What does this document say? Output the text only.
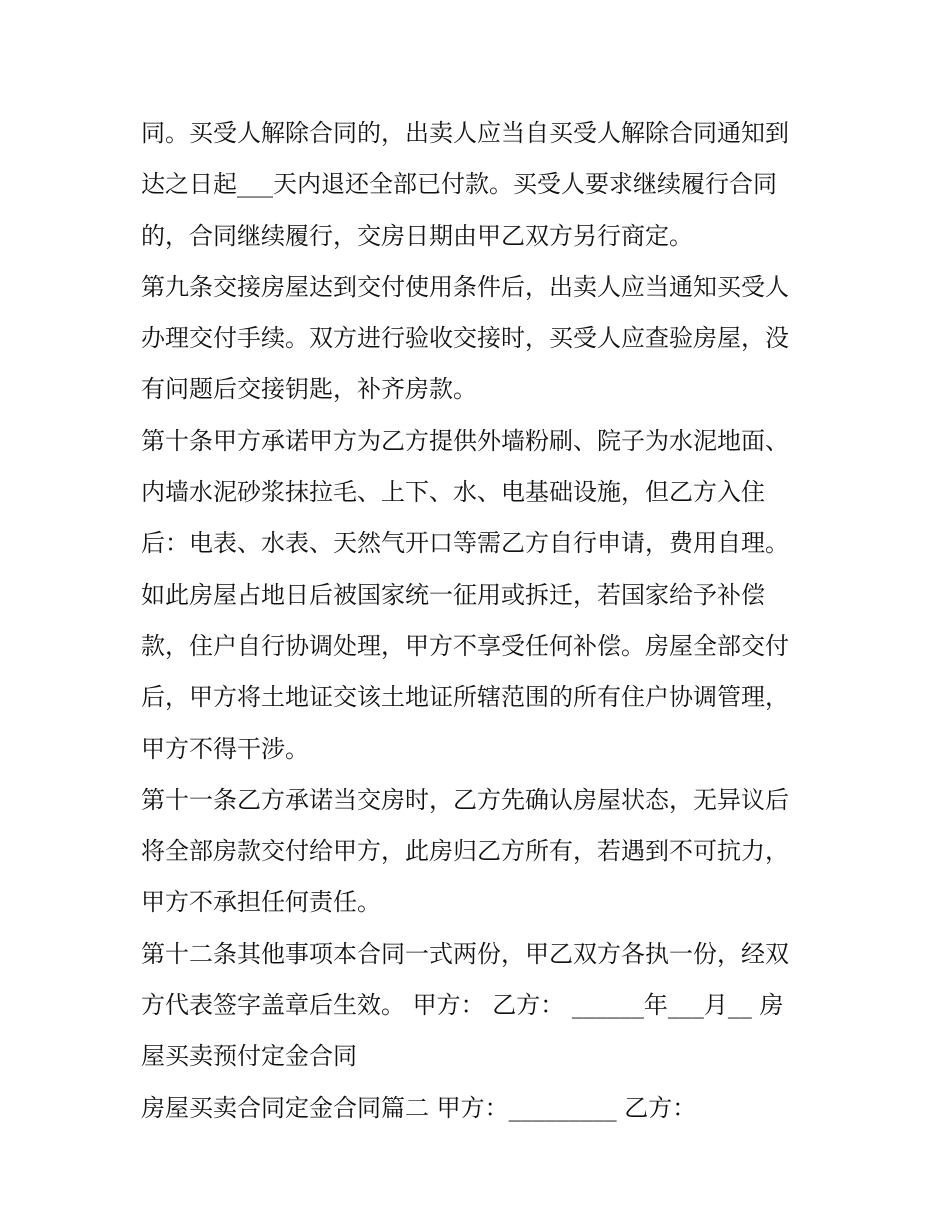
同。买受人解除合同的，出卖人应当自买受人解除合同通知到
达之日起___天内退还全部已付款。买受人要求继续履行合同
的，合同继续履行，交房日期由甲乙双方另行商定。
第九条交接房屋达到交付使用条件后，出卖人应当通知买受人
办理交付手续。双方进行验收交接时，买受人应查验房屋，没
有问题后交接钥匙，补齐房款。
第十条甲方承诺甲方为乙方提供外墙粉刷、院子为水泥地面、
内墙水泥砂浆抹拉毛、上下、水、电基础设施，但乙方入住
后：电表、水表、天然气开口等需乙方自行申请，费用自理。
如此房屋占地日后被国家统一征用或拆迁，若国家给予补偿
款，住户自行协调处理，甲方不享受任何补偿。房屋全部交付
后，甲方将土地证交该土地证所辖范围的所有住户协调管理，
甲方不得干涉。
第十一条乙方承诺当交房时，乙方先确认房屋状态，无异议后
将全部房款交付给甲方，此房归乙方所有，若遇到不可抗力，
甲方不承担任何责任。
第十二条其他事项本合同一式两份，甲乙双方各执一份，经双
方代表签字盖章后生效。 甲方： 乙方： ______年___月__ 房
屋买卖预付定金合同
房屋买卖合同定金合同篇二 甲方：_________ 乙方：
